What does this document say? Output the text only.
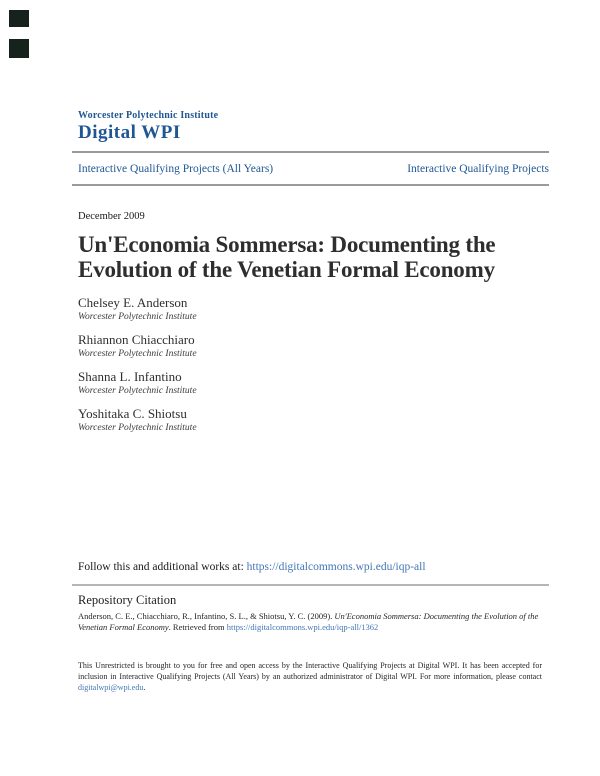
Worcester Polytechnic Institute
Digital WPI
Interactive Qualifying Projects (All Years)	Interactive Qualifying Projects
December 2009
Un'Economia Sommersa: Documenting the Evolution of the Venetian Formal Economy
Chelsey E. Anderson
Worcester Polytechnic Institute
Rhiannon Chiacchiaro
Worcester Polytechnic Institute
Shanna L. Infantino
Worcester Polytechnic Institute
Yoshitaka C. Shiotsu
Worcester Polytechnic Institute
Follow this and additional works at: https://digitalcommons.wpi.edu/iqp-all
Repository Citation

Anderson, C. E., Chiacchiaro, R., Infantino, S. L., & Shiotsu, Y. C. (2009). Un'Economia Sommersa: Documenting the Evolution of the Venetian Formal Economy. Retrieved from https://digitalcommons.wpi.edu/iqp-all/1362

This Unrestricted is brought to you for free and open access by the Interactive Qualifying Projects at Digital WPI. It has been accepted for inclusion in Interactive Qualifying Projects (All Years) by an authorized administrator of Digital WPI. For more information, please contact digitalwpi@wpi.edu.
